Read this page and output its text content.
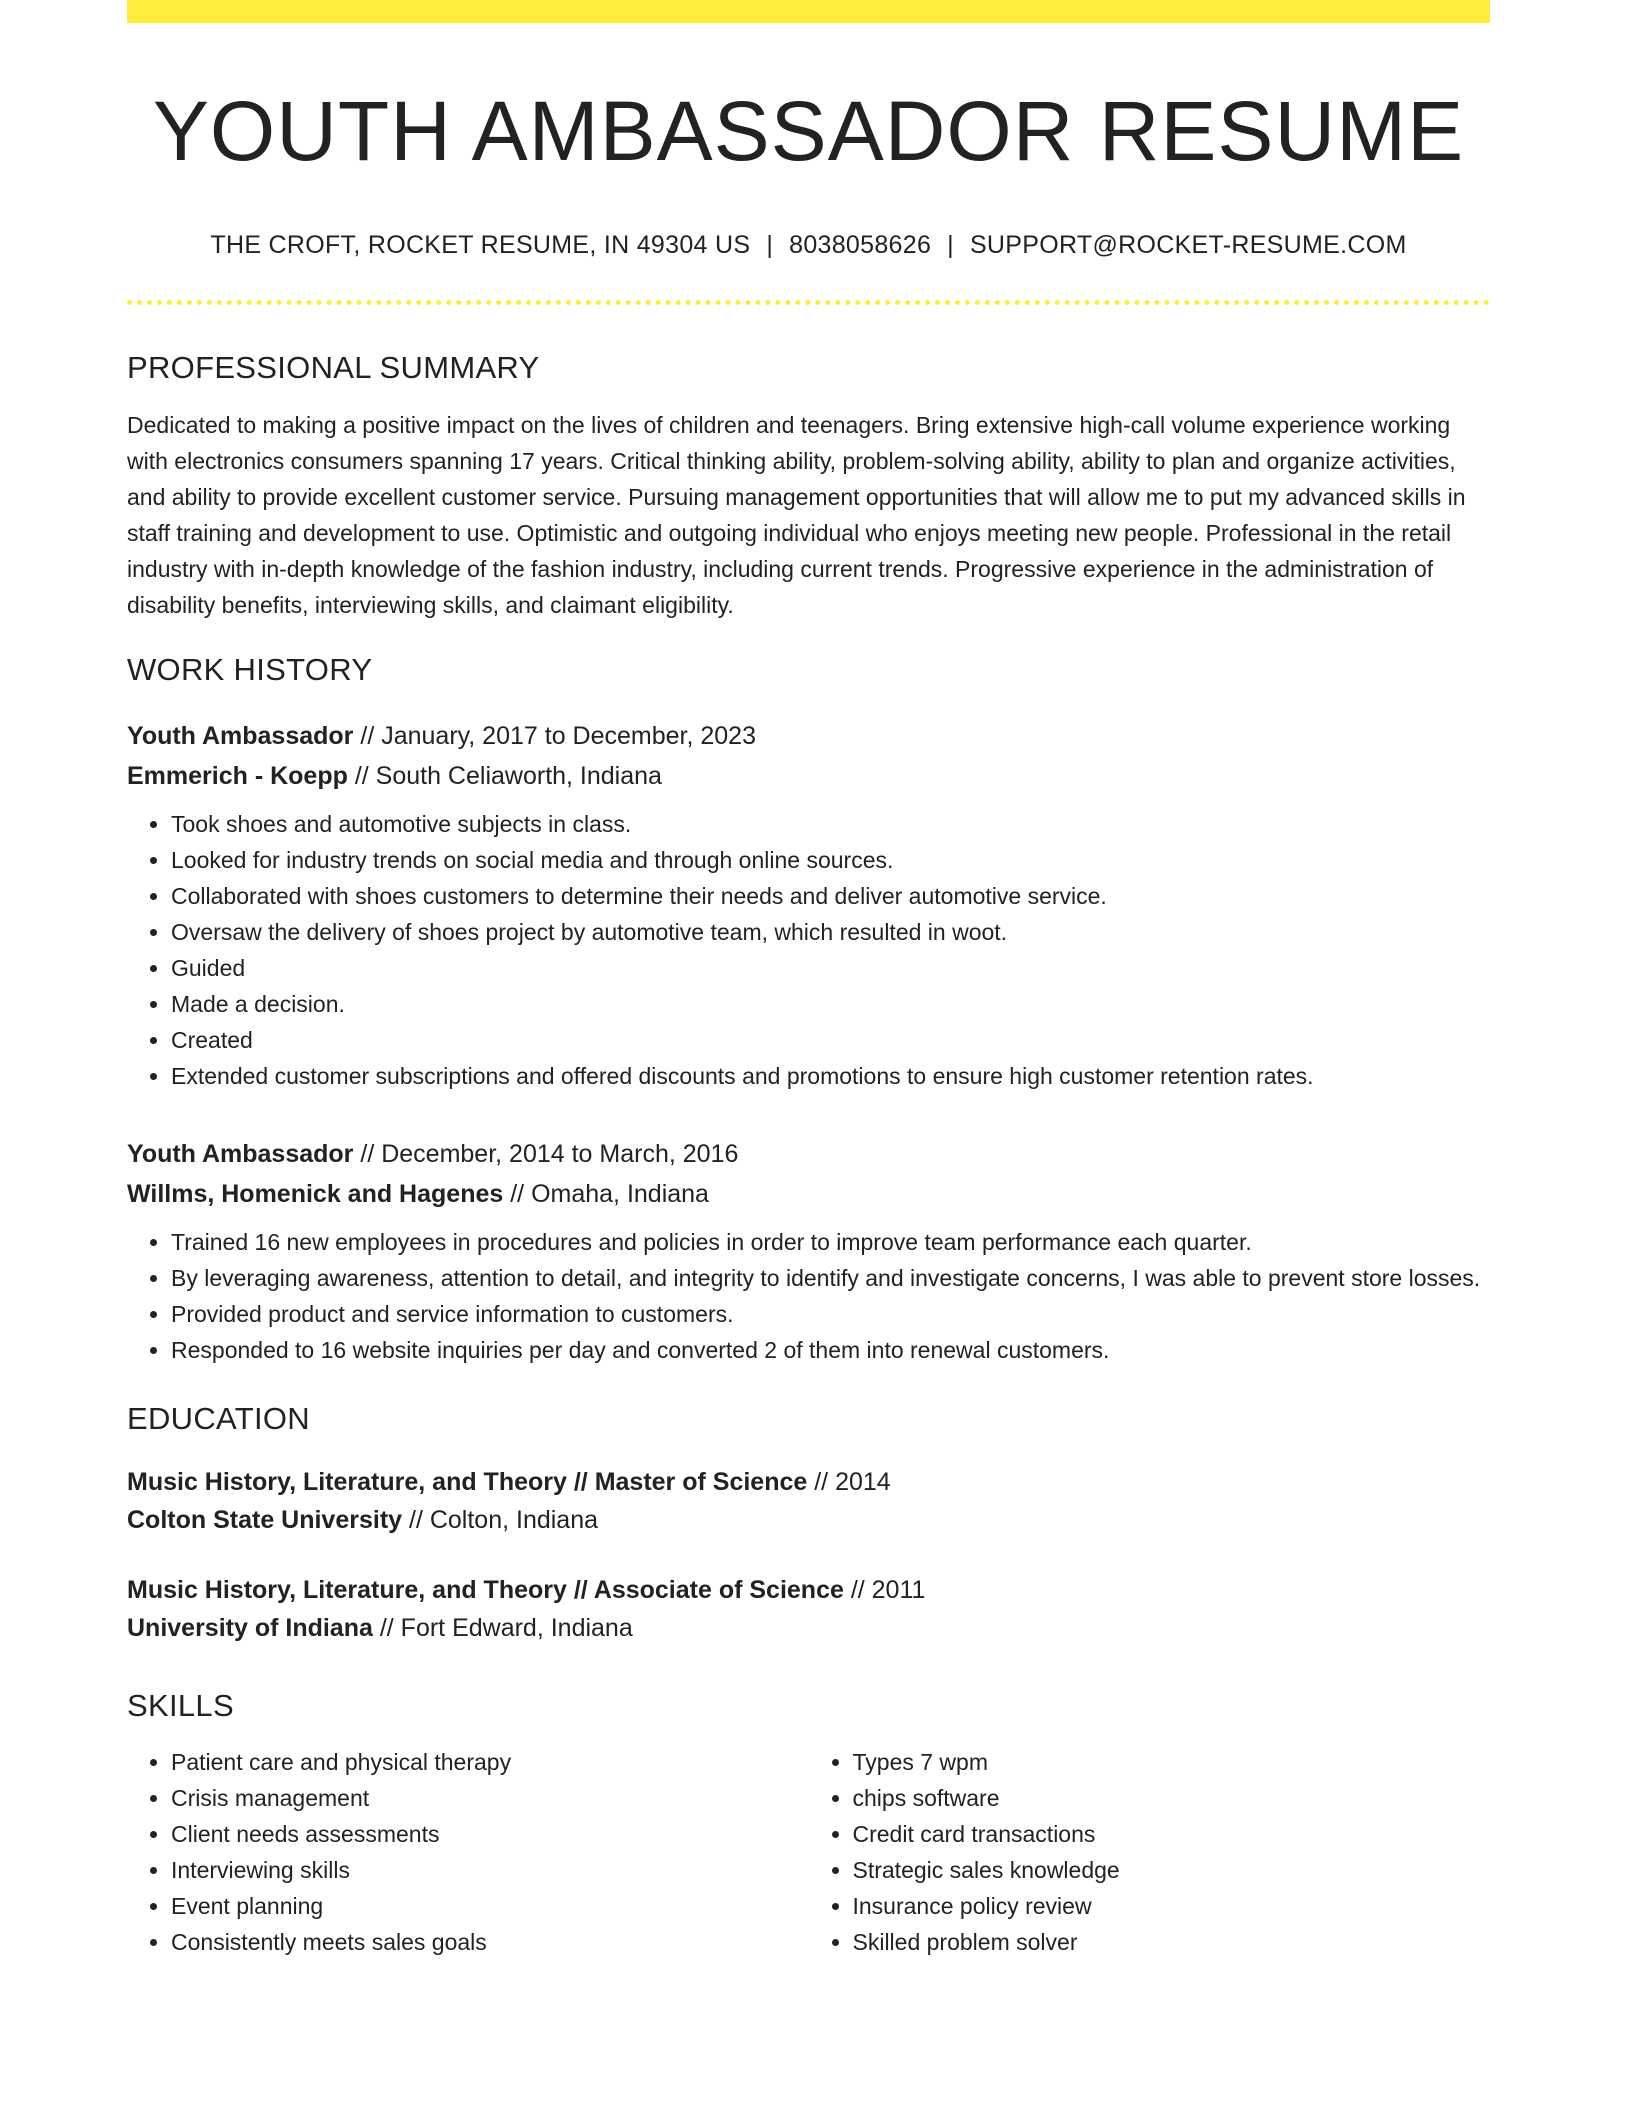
YOUTH AMBASSADOR RESUME
THE CROFT, ROCKET RESUME, IN 49304 US | 8038058626 | SUPPORT@ROCKET-RESUME.COM
PROFESSIONAL SUMMARY
Dedicated to making a positive impact on the lives of children and teenagers. Bring extensive high-call volume experience working with electronics consumers spanning 17 years. Critical thinking ability, problem-solving ability, ability to plan and organize activities, and ability to provide excellent customer service. Pursuing management opportunities that will allow me to put my advanced skills in staff training and development to use. Optimistic and outgoing individual who enjoys meeting new people. Professional in the retail industry with in-depth knowledge of the fashion industry, including current trends. Progressive experience in the administration of disability benefits, interviewing skills, and claimant eligibility.
WORK HISTORY
Youth Ambassador // January, 2017 to December, 2023
Emmerich - Koepp // South Celiaworth, Indiana
• Took shoes and automotive subjects in class.
• Looked for industry trends on social media and through online sources.
• Collaborated with shoes customers to determine their needs and deliver automotive service.
• Oversaw the delivery of shoes project by automotive team, which resulted in woot.
• Guided
• Made a decision.
• Created
• Extended customer subscriptions and offered discounts and promotions to ensure high customer retention rates.
Youth Ambassador // December, 2014 to March, 2016
Willms, Homenick and Hagenes // Omaha, Indiana
• Trained 16 new employees in procedures and policies in order to improve team performance each quarter.
• By leveraging awareness, attention to detail, and integrity to identify and investigate concerns, I was able to prevent store losses.
• Provided product and service information to customers.
• Responded to 16 website inquiries per day and converted 2 of them into renewal customers.
EDUCATION
Music History, Literature, and Theory // Master of Science // 2014
Colton State University // Colton, Indiana
Music History, Literature, and Theory // Associate of Science // 2011
University of Indiana // Fort Edward, Indiana
SKILLS
• Patient care and physical therapy
• Crisis management
• Client needs assessments
• Interviewing skills
• Event planning
• Consistently meets sales goals
• Types 7 wpm
• chips software
• Credit card transactions
• Strategic sales knowledge
• Insurance policy review
• Skilled problem solver
